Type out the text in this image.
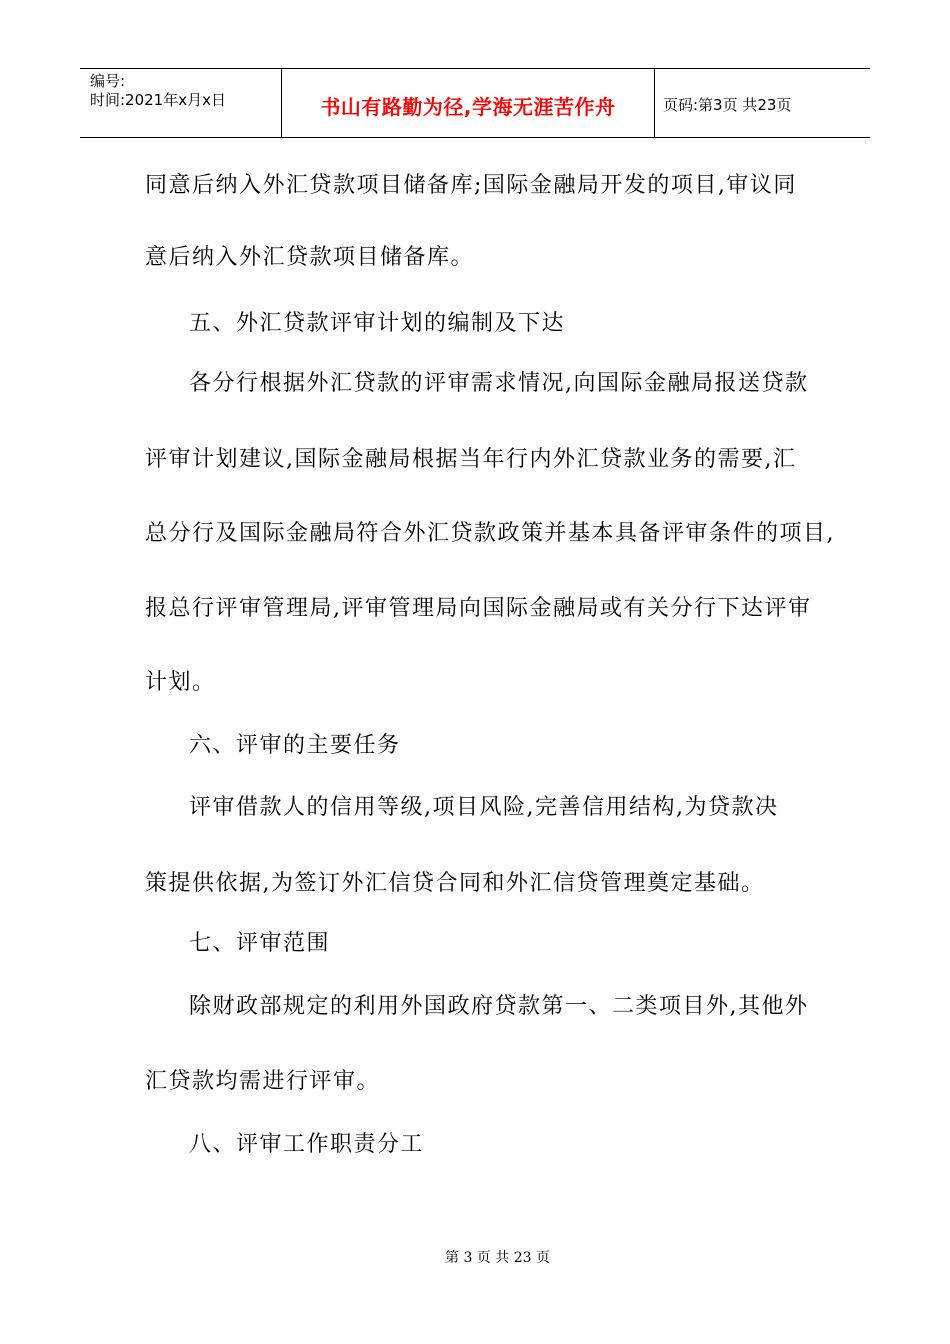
编号:
时间:2021年x月x日	书山有路勤为径,学海无涯苦作舟	页码:第3页 共23页
同意后纳入外汇贷款项目储备库;国际金融局开发的项目,审议同
意后纳入外汇贷款项目储备库。
五、外汇贷款评审计划的编制及下达
各分行根据外汇贷款的评审需求情况,向国际金融局报送贷款
评审计划建议,国际金融局根据当年行内外汇贷款业务的需要,汇
总分行及国际金融局符合外汇贷款政策并基本具备评审条件的项目,
报总行评审管理局,评审管理局向国际金融局或有关分行下达评审
计划。
六、评审的主要任务
评审借款人的信用等级,项目风险,完善信用结构,为贷款决
策提供依据,为签订外汇信贷合同和外汇信贷管理奠定基础。
七、评审范围
除财政部规定的利用外国政府贷款第一、二类项目外,其他外
汇贷款均需进行评审。
八、评审工作职责分工
第 3 页 共 23 页
